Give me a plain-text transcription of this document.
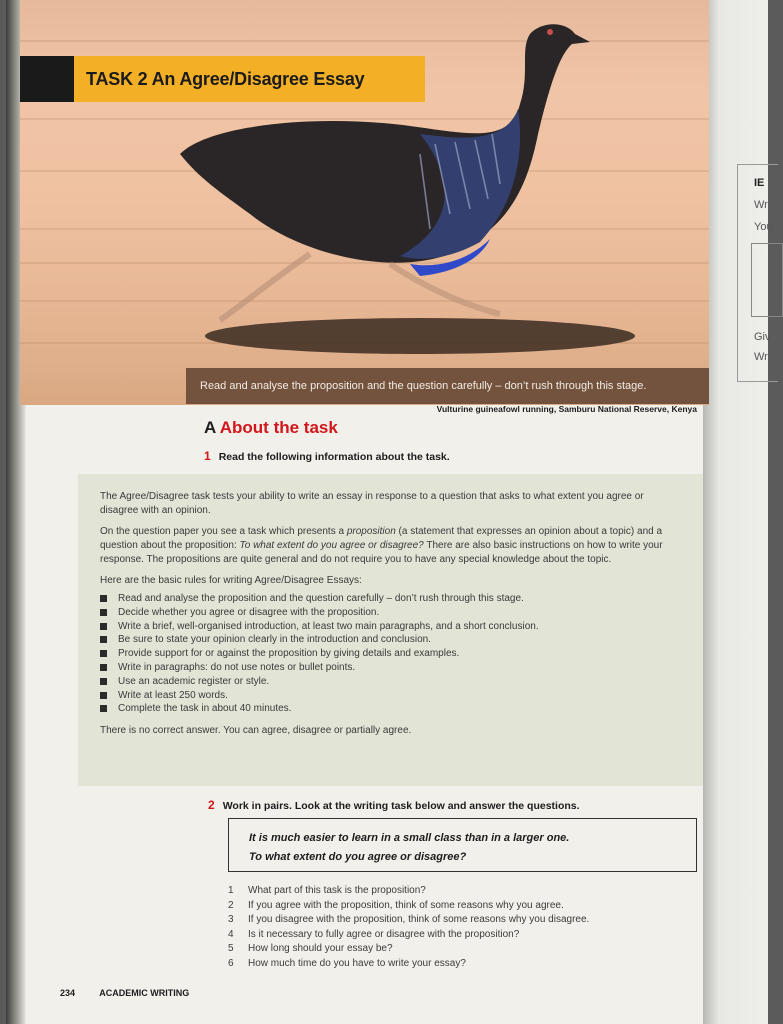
IE
Wr
You
Giv
Wr
TASK 2 An Agree/Disagree Essay
Read and analyse the proposition and the question carefully – don’t rush through this stage.
Vulturine guineafowl running, Samburu National Reserve, Kenya
A About the task
1 Read the following information about the task.

The Agree/Disagree task tests your ability to write an essay in response to a question that asks to what extent you agree or disagree with an opinion.

On the question paper you see a task which presents a proposition (a statement that expresses an opinion about a topic) and a question about the proposition: To what extent do you agree or disagree? There are also basic instructions on how to write your response. The propositions are quite general and do not require you to have any special knowledge about the topic.

Here are the basic rules for writing Agree/Disagree Essays:

Read and analyse the proposition and the question carefully – don’t rush through this stage.
Decide whether you agree or disagree with the proposition.
Write a brief, well-organised introduction, at least two main paragraphs, and a short conclusion.
Be sure to state your opinion clearly in the introduction and conclusion.
Provide support for or against the proposition by giving details and examples.
Write in paragraphs: do not use notes or bullet points.
Use an academic register or style.
Write at least 250 words.
Complete the task in about 40 minutes.

There is no correct answer. You can agree, disagree or partially agree.

2 Work in pairs. Look at the writing task below and answer the questions.
It is much easier to learn in a small class than in a larger one.
To what extent do you agree or disagree?
1	What part of this task is the proposition?
2	If you agree with the proposition, think of some reasons why you agree.
3	If you disagree with the proposition, think of some reasons why you disagree.
4	Is it necessary to fully agree or disagree with the proposition?
5	How long should your essay be?
6	How much time do you have to write your essay?
234	ACADEMIC WRITING
